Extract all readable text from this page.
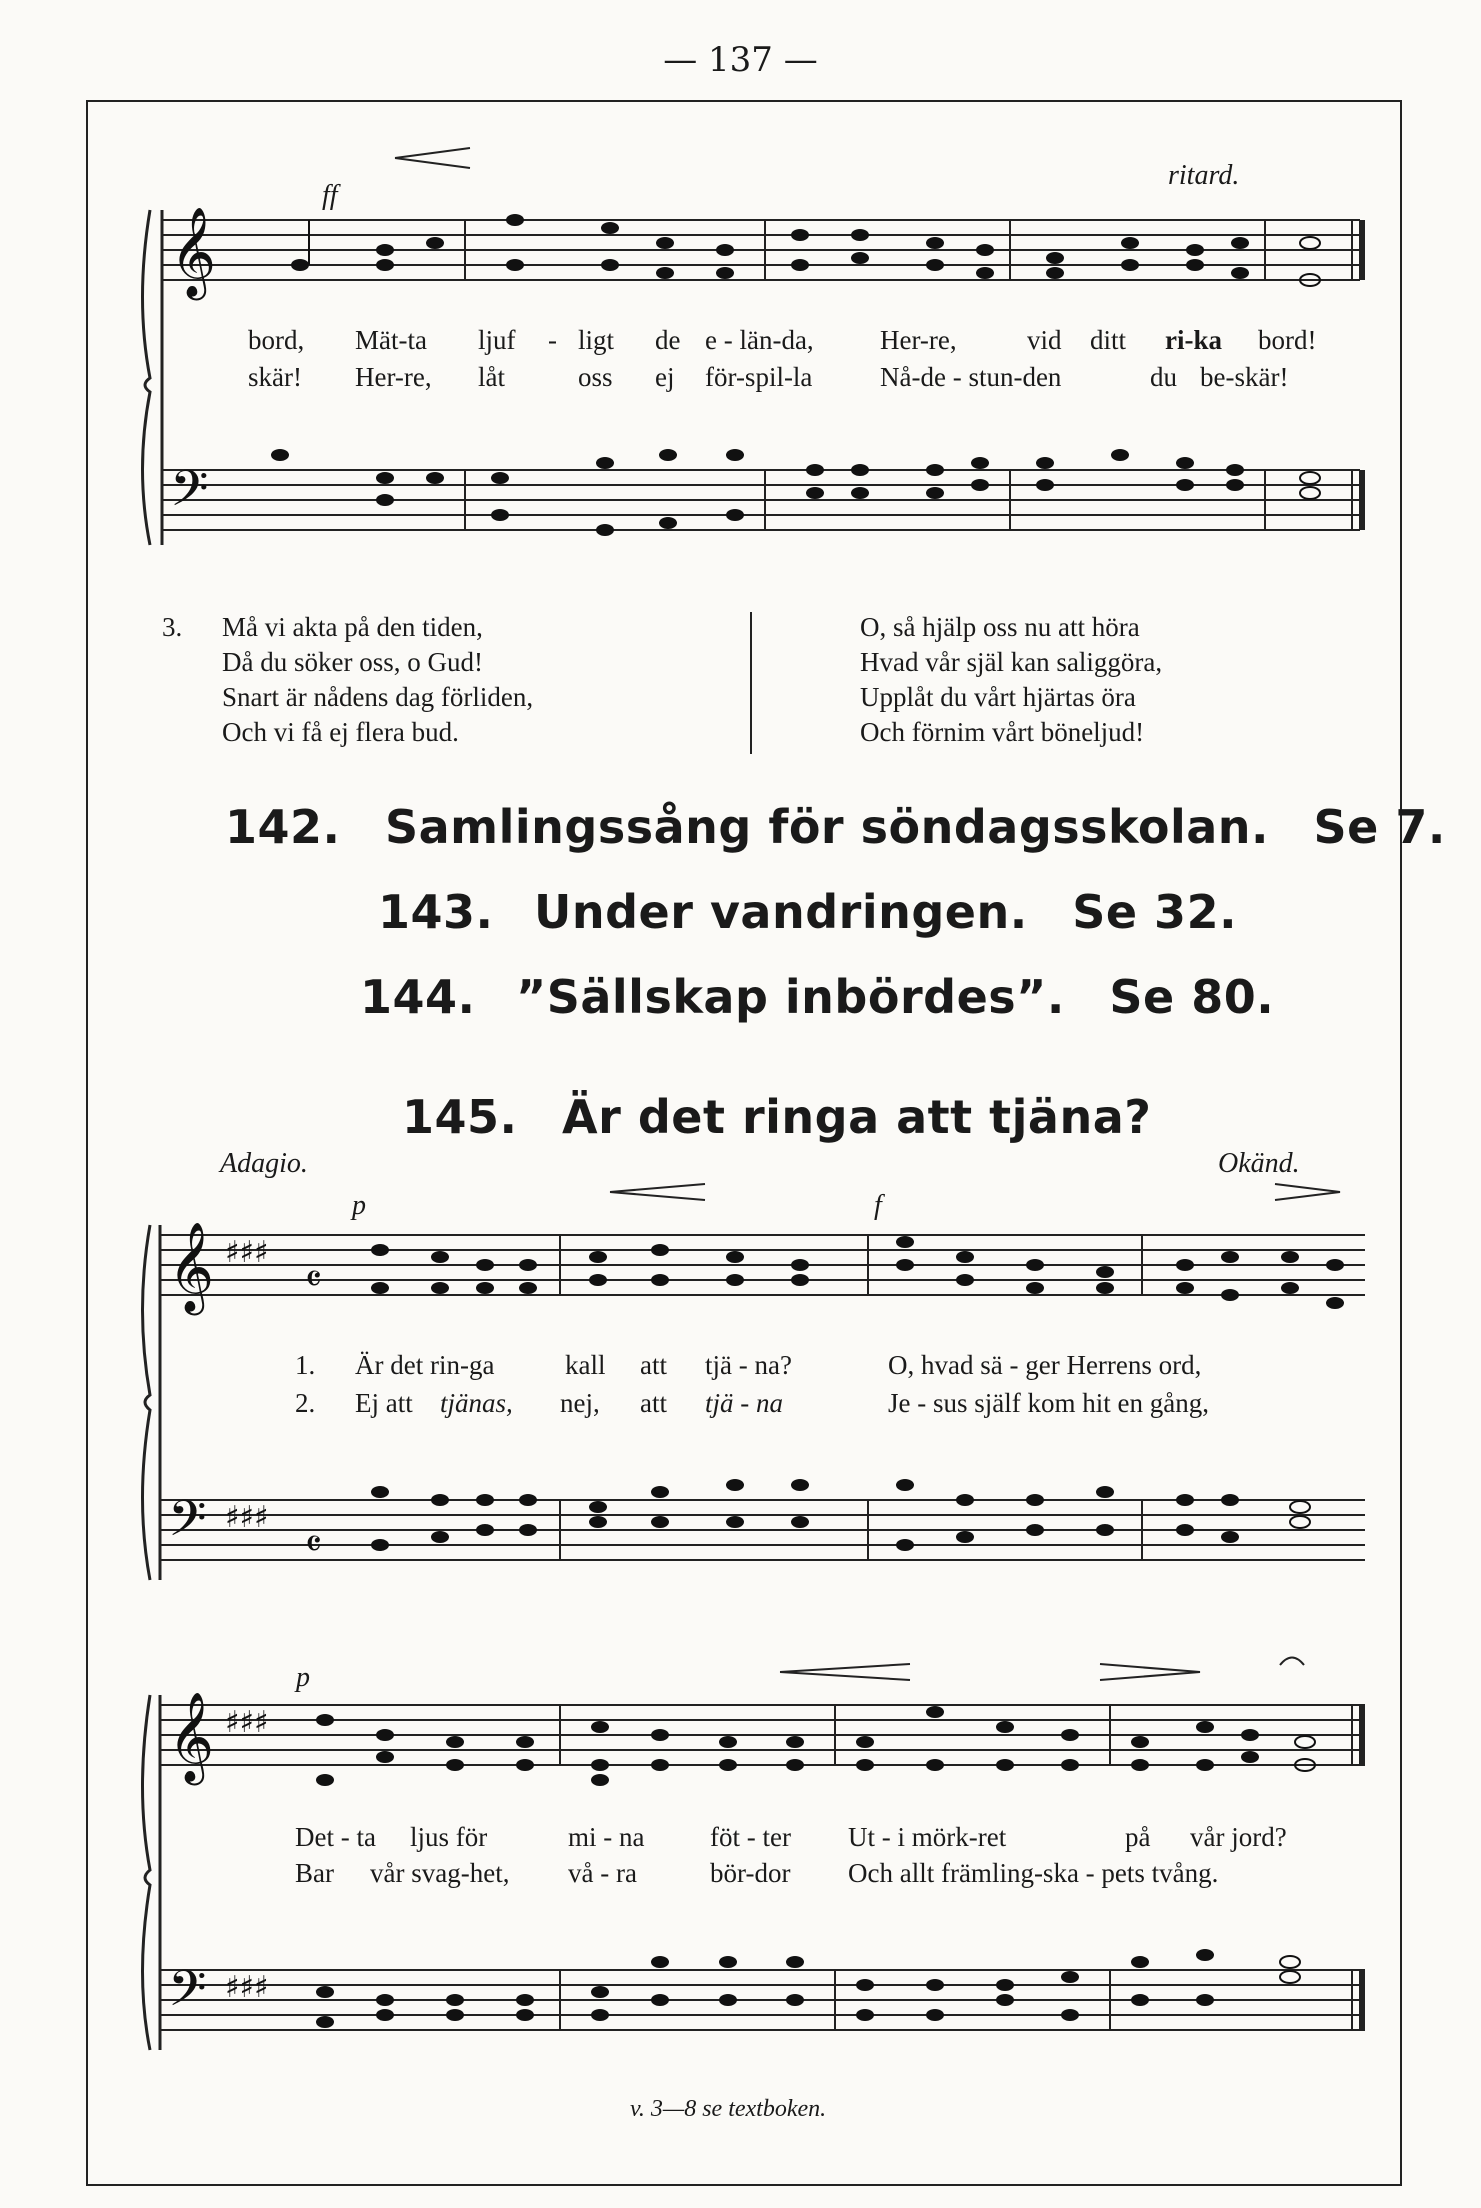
— 137 —
𝄞
𝄢
ff
ritard.
bord, Mät-ta ljuf - ligt de e - län-da, Her-re,	vid ditt ri-ka bord!
skär! Her-re, låt	oss ej för-spil-la	Nå-de - stun-den	du be-skär!
3. Må vi akta på den tiden,
Då du söker oss, o Gud!
Snart är nådens dag förliden,
Och vi få ej flera bud.
O, så hjälp oss nu att höra
Hvad vår själ kan saliggöra,
Upplåt du vårt hjärtas öra
Och förnim vårt böneljud!
142. Samlingssång för söndagsskolan. Se 7.
143. Under vandringen. Se 32.
144. ”Sällskap inbördes”. Se 80.
145. Är det ringa att tjäna?
Adagio.	Okänd.
𝄞
𝄢
♯♯♯
♯♯♯
𝄴
𝄴
p	f
1. Är det rin-ga	kall att tjä - na?	O, hvad sä - ger Herrens ord,
2. Ej att tjänas, nej, att tjä - na	Je - sus själf kom hit en gång,
𝄞
𝄢
♯♯♯
♯♯♯
p
Det - ta ljus för	mi - na föt - ter Ut - i mörk-ret	på vår jord?
Bar vår svag-het, vå - ra	bör-dor Och allt främling-ska - pets tvång.
v. 3—8 se textboken.
